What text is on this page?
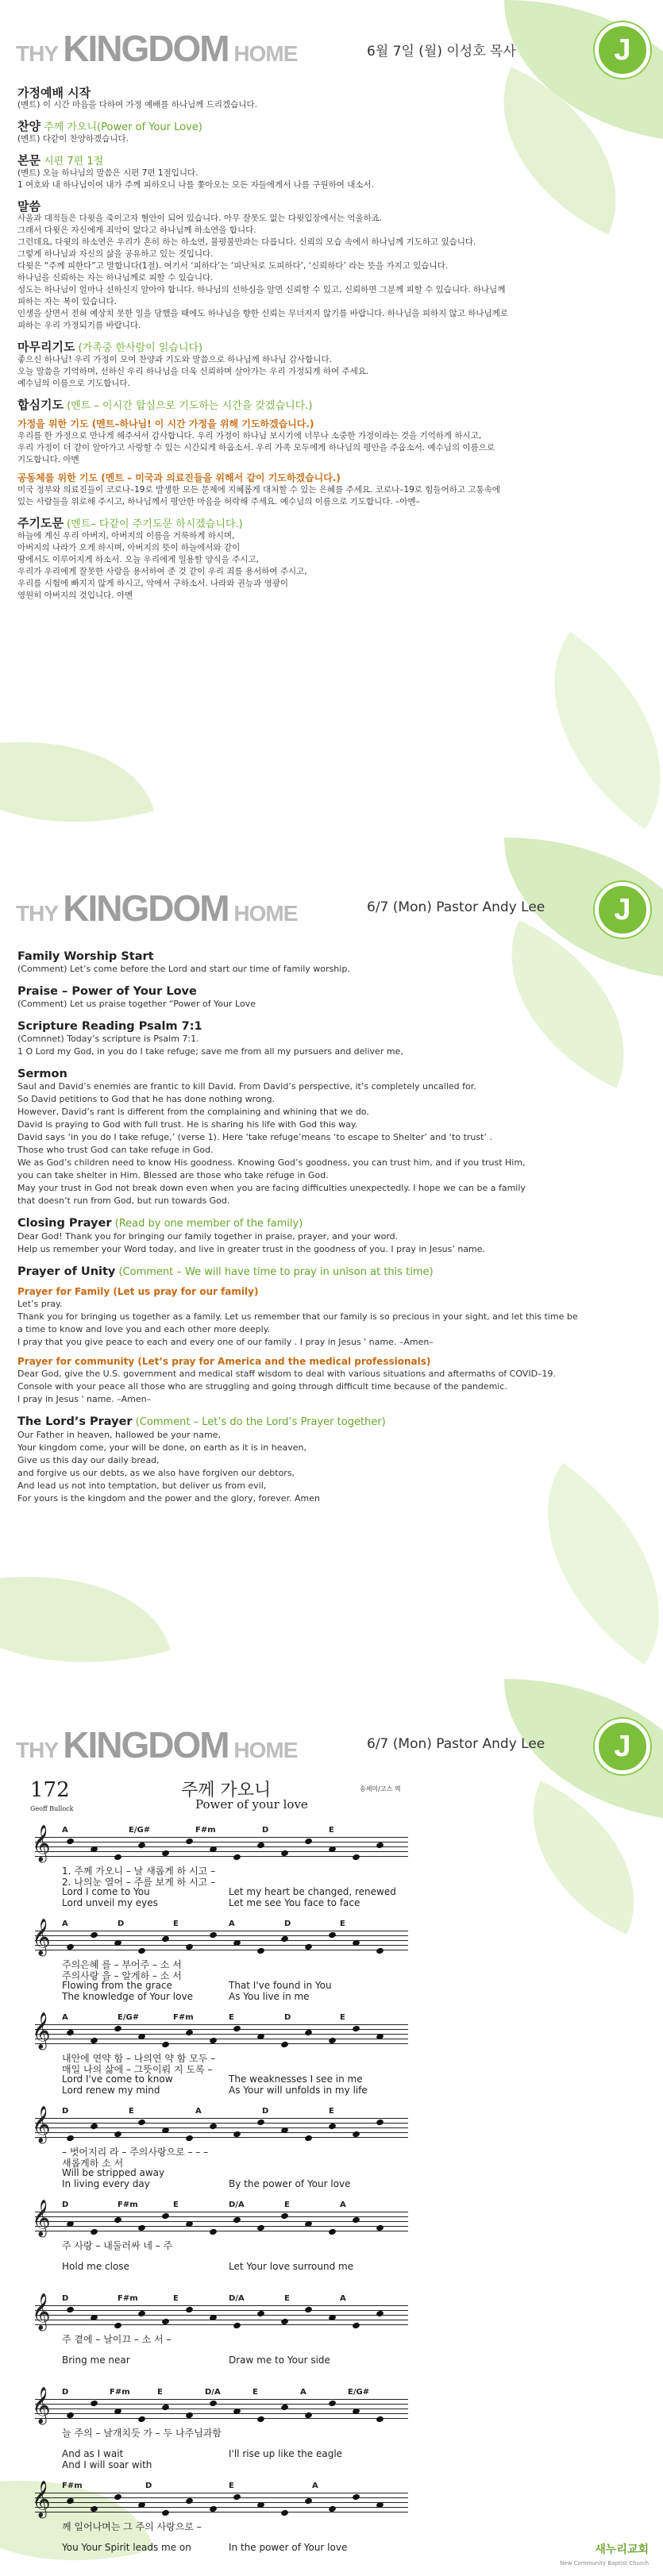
THY KINGDOM HOME	6월 7일 (월) 이성호 목사	J
가정예배 시작
(멘트) 이 시간 마음을 다하여 가정 예배를 하나님께 드리겠습니다.
찬양 주께 가오니(Power of Your Love)
(멘트) 다같이 찬양하겠습니다.
본문 시편 7편 1절
(멘트) 오늘 하나님의 말씀은 시편 7편 1절입니다.
1 여호와 내 하나님이여 내가 주께 피하오니 나를 쫓아오는 모든 자들에게서 나를 구원하여 내소서.
말씀
사울과 대적들은 다윗을 죽이고자 혈안이 되어 있습니다. 아무 잘못도 없는 다윗입장에서는 억울하죠.
그래서 다윗은 자신에게 죄악이 없다고 하나님께 하소연을 합니다.
그런데요, 다윗의 하소연은 우리가 흔히 하는 하소연, 불평불만과는 다릅니다. 신뢰의 모습 속에서 하나님께 기도하고 있습니다.
그렇게 하나님과 자신의 삶을 공유하고 있는 것입니다.
다윗은 “주께 피한다”고 말합니다(1절). 여기서 ‘피하다’는 ‘피난처로 도피하다’, ‘신뢰하다’ 라는 뜻을 가지고 있습니다.
하나님을 신뢰하는 자는 하나님께로 피할 수 있습니다.
성도는 하나님이 얼마나 선하신지 알아야 합니다. 하나님의 선하심을 알면 신뢰할 수 있고, 신뢰하면 그분께 피할 수 있습니다. 하나님께
피하는 자는 복이 있습니다.
인생을 살면서 전혀 예상치 못한 일을 당했을 때에도 하나님을 향한 신뢰는 무너지지 않기를 바랍니다. 하나님을 피하지 않고 하나님께로
피하는 우리 가정되기를 바랍니다.
마무리기도 (가족중 한사람이 읽습니다)
좋으신 하나님! 우리 가정이 모여 찬양과 기도와 말씀으로 하나님께 하나님 감사합니다.
오늘 말씀을 기억하며, 선하신 우리 하나님을 더욱 신뢰하며 살아가는 우리 가정되게 하여 주세요.
예수님의 이름으로 기도합니다.
합심기도 (멘트 – 이시간 합심으로 기도하는 시간을 갖겠습니다.)
가정을 위한 기도 (멘트–하나님! 이 시간 가정을 위해 기도하겠습니다.)
우리를 한 가정으로 만나게 해주셔서 감사합니다. 우리 가정이 하나님 보시기에 너무나 소중한 가정이라는 것을 기억하게 하시고,
우리 가정이 더 같이 알아가고 사랑할 수 있는 시간되게 하옵소서. 우리 가족 모두에게 하나님의 평안을 주옵소서. 예수님의 이름으로
기도합니다. 아멘
공동체를 위한 기도 (멘트 – 미국과 의료진들을 위해서 같이 기도하겠습니다.)
미국 정부와 의료진들이 코로나–19로 발생한 모든 문제에 지혜롭게 대처할 수 있는 은혜를 주세요. 코로나–19로 힘들어하고 고통속에
있는 사람들을 위로해 주시고, 하나님께서 평안한 마음을 허락해 주세요. 예수님의 이름으로 기도합니다. –아멘–
주기도문 (멘트– 다같이 주기도문 하시겠습니다.)
하늘에 계신 우리 아버지, 아버지의 이름을 거룩하게 하시며,
아버지의 나라가 오게 하시며, 아버지의 뜻이 하늘에서와 같이
땅에서도 이루어지게 하소서. 오늘 우리에게 일용할 양식을 주시고,
우리가 우리에게 잘못한 사람을 용서하여 준 것 같이 우리 죄를 용서하여 주시고,
우리를 시험에 빠지지 않게 하시고, 악에서 구하소서. 나라와 권능과 영광이
영원히 아버지의 것입니다. 아멘
THY KINGDOM HOME	6/7 (Mon) Pastor Andy Lee	J
Family Worship Start
(Comment) Let’s come before the Lord and start our time of family worship.
Praise – Power of Your Love
(Comment) Let us praise together “Power of Your Love
Scripture Reading Psalm 7:1
(Comnnet) Today’s scripture is Psalm 7:1.
1 O Lord my God, in you do I take refuge; save me from all my pursuers and deliver me,
Sermon
Saul and David’s enemies are frantic to kill David. From David’s perspective, it’s completely uncalled for.
So David petitions to God that he has done nothing wrong.
However, David’s rant is different from the complaining and whining that we do.
David is praying to God with full trust. He is sharing his life with God this way.
David says ‘in you do I take refuge,’ (verse 1). Here ‘take refuge’means ‘to escape to Shelter’ and ‘to trust’ .
Those who trust God can take refuge in God.
We as God’s children need to know His goodness. Knowing God’s goodness, you can trust him, and if you trust Him,
you can take shelter in Him. Blessed are those who take refuge in God.
May your trust in God not break down even when you are facing difficulties unexpectedly. I hope we can be a family
that doesn’t run from God, but run towards God.
Closing Prayer (Read by one member of the family)
Dear God! Thank you for bringing our family together in praise, prayer, and your word.
Help us remember your Word today, and live in greater trust in the goodness of you. I pray in Jesus’ name.
Prayer of Unity (Comment – We will have time to pray in unison at this time)
Prayer for Family (Let us pray for our family)
Let’s pray.
Thank you for bringing us together as a family. Let us remember that our family is so precious in your sight, and let this time be
a time to know and love you and each other more deeply.
I pray that you give peace to each and every one of our family . I pray in Jesus ' name. –Amen–
Prayer for community (Let’s pray for America and the medical professionals)
Dear God, give the U.S. government and medical staff wisdom to deal with various situations and aftermaths of COVID–19.
Console with your peace all those who are struggling and going through difficult time because of the pandemic.
I pray in Jesus ' name. –Amen–
The Lord’s Prayer (Comment – Let’s do the Lord’s Prayer together)
Our Father in heaven, hallowed be your name,
Your kingdom come, your will be done, on earth as it is in heaven,
Give us this day our daily bread,
and forgive us our debts, as we also have forgiven our debtors,
And lead us not into temptation, but deliver us from evil,
For yours is the kingdom and the power and the glory, forever. Amen
THY KINGDOM HOME	6/7 (Mon) Pastor Andy Lee	J
172
Geoff Bullock
주께 가오니
Power of your love
송세미/고스 역
𝄞 A	E/G#	F#m	D	E
1. 주께 가오니 – 날 새롭게 하 시고 –
2. 나의눈 열어 – 주를 보게 하 시고 –
Lord I come to You	Let my heart be changed, renewed
Lord unveil my eyes	Let me see You face to face
𝄞 A	D	E	A	D	E
주의은혜 를 – 부어주 – 소 서
주의사랑 을 – 알게하 – 소 서
Flowing from the grace	That I've found in You
The knowledge of Your love	As You live in me
𝄞 A	E/G#	F#m	E	D	E
내안에 연약 함 – 나의연 약 함 모두 –
매일 나의 삶에 – 그뜻이뤄 지 도록 –
Lord I've come to know	The weaknesses I see in me
Lord renew my mind	As Your will unfolds in my life
𝄞 D	E	A	D	E
– 벗어지리 라 – 주의사랑으로 – – –
새롭게하 소 서
Will be stripped away
In living every day	By the power of Your love
𝄞 D	F#m	E	D/A	E	A
주 사랑 – 내둘러싸 네 – 주
Hold me close	Let Your love surround me
𝄞 D	F#m	E	D/A	E	A
주 곁에 – 날이끄 – 소 서 –
Bring me near	Draw me to Your side
𝄞 D	F#m	E	D/A	E	A	E/G#
늘 주의 – 날개치듯 가 – 두 나주님과함
And as I wait	I'll rise up like the eagle
And I will soar with
𝄞 F#m	D	E	A
께 일어나며는 그 주의 사랑으로 –
You Your Spirit leads me on	In the power of Your love	새누리교회
New Community Baptist Church
